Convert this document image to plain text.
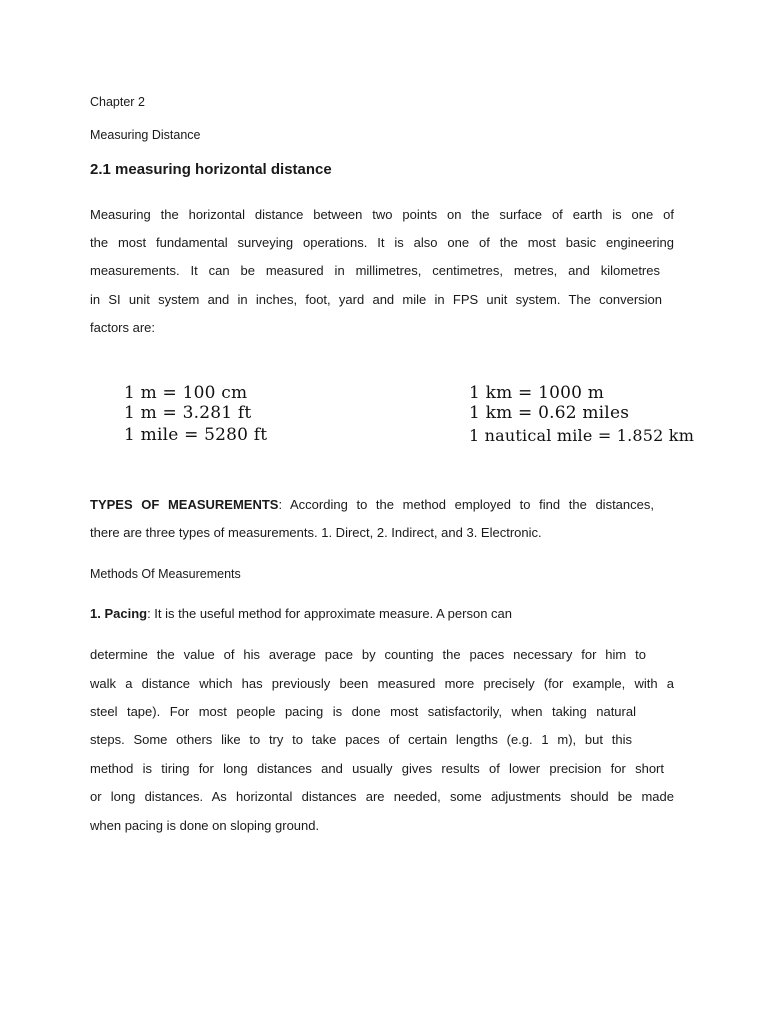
Chapter 2
Measuring Distance
2.1 measuring horizontal distance
Measuring the horizontal distance between two points on the surface of earth is one of
the most fundamental surveying operations. It is also one of the most basic engineering
measurements. It can be measured in millimetres, centimetres, metres, and kilometres
in SI unit system and in inches, foot, yard and mile in FPS unit system. The conversion
factors are:
1 m = 100 cm
1 m = 3.281 ft
1 mile = 5280 ft
1 km = 1000 m
1 km = 0.62 miles
1 nautical mile = 1.852 km
TYPES OF MEASUREMENTS: According to the method employed to find the distances,
there are three types of measurements. 1. Direct, 2. Indirect, and 3. Electronic.
Methods Of Measurements
1. Pacing: It is the useful method for approximate measure. A person can
determine the value of his average pace by counting the paces necessary for him to
walk a distance which has previously been measured more precisely (for example, with a
steel tape). For most people pacing is done most satisfactorily, when taking natural
steps. Some others like to try to take paces of certain lengths (e.g. 1 m), but this
method is tiring for long distances and usually gives results of lower precision for short
or long distances. As horizontal distances are needed, some adjustments should be made
when pacing is done on sloping ground.
